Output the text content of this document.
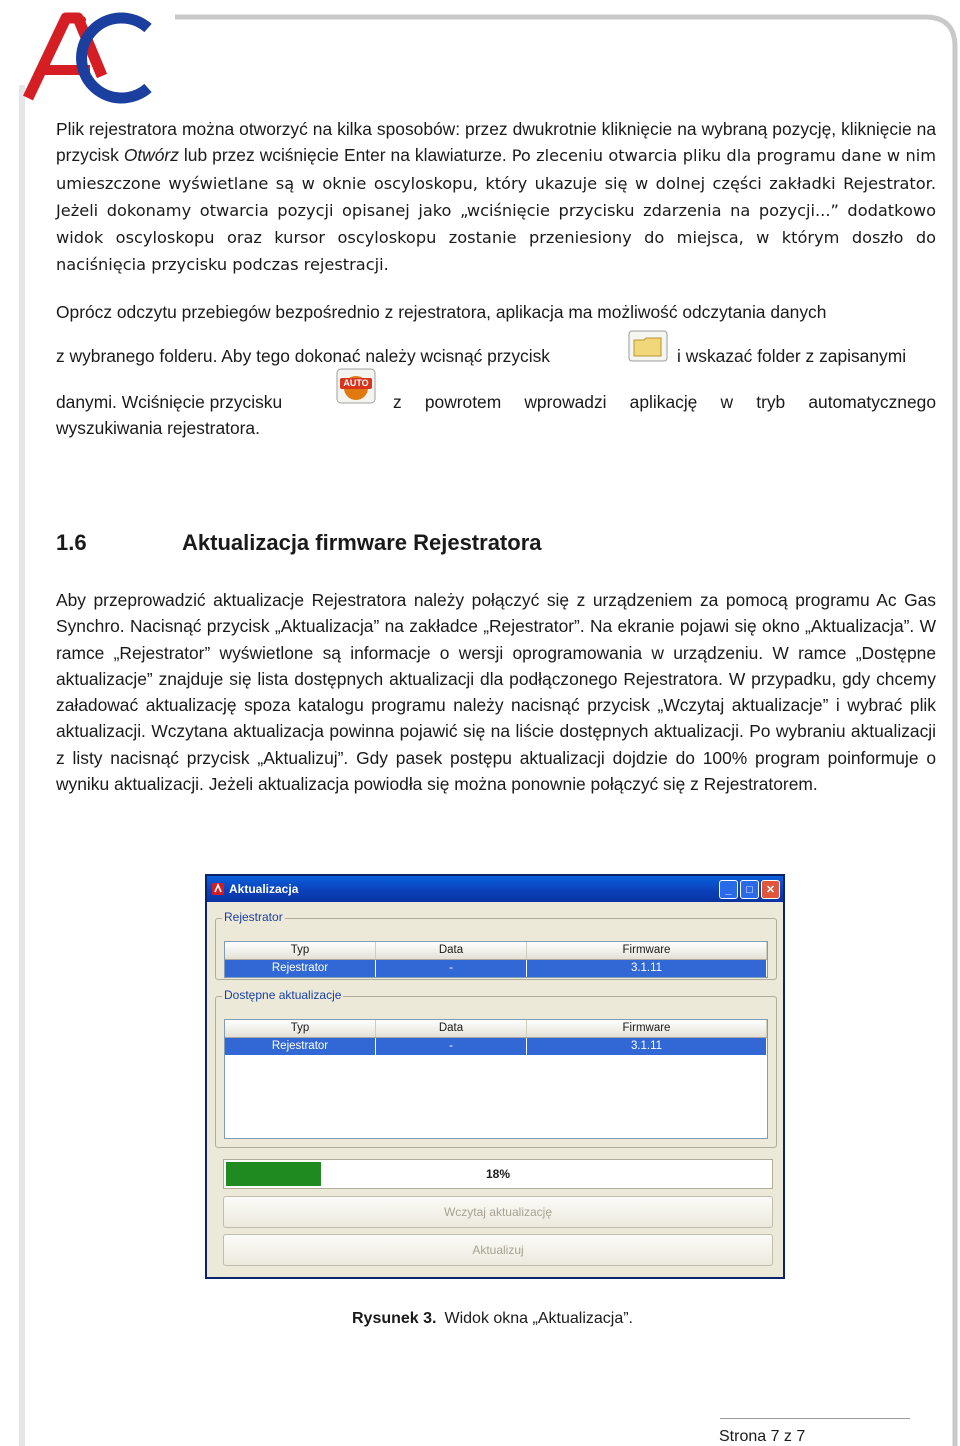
Plik rejestratora można otworzyć na kilka sposobów: przez dwukrotnie kliknięcie na wybraną pozycję, kliknięcie na przycisk Otwórz lub przez wciśnięcie Enter na klawiaturze. Po zleceniu otwarcia pliku dla programu dane w nim umieszczone wyświetlane są w oknie oscyloskopu, który ukazuje się w dolnej części zakładki Rejestrator. Jeżeli dokonamy otwarcia pozycji opisanej jako „wciśnięcie przycisku zdarzenia na pozycji...” dodatkowo widok oscyloskopu oraz kursor oscyloskopu zostanie przeniesiony do miejsca, w którym doszło do naciśnięcia przycisku podczas rejestracji.
Oprócz odczytu przebiegów bezpośrednio z rejestratora, aplikacja ma możliwość odczytania danych
z wybranego folderu. Aby tego dokonać należy wcisnąć przycisk	i wskazać folder z zapisanymi
danymi. Wciśnięcie przycisku
AUTO
z powrotem wprowadzi aplikację w tryb automatycznego
wyszukiwania rejestratora.
1.6	Aktualizacja firmware Rejestratora
Aby przeprowadzić aktualizacje Rejestratora należy połączyć się z urządzeniem za pomocą programu Ac Gas Synchro. Nacisnąć przycisk „Aktualizacja” na zakładce „Rejestrator”. Na ekranie pojawi się okno „Aktualizacja”. W ramce „Rejestrator” wyświetlone są informacje o wersji oprogramowania w urządzeniu. W ramce „Dostępne aktualizacje” znajduje się lista dostępnych aktualizacji dla podłączonego Rejestratora. W przypadku, gdy chcemy załadować aktualizację spoza katalogu programu należy nacisnąć przycisk „Wczytaj aktualizacje” i wybrać plik aktualizacji. Wczytana aktualizacja powinna pojawić się na liście dostępnych aktualizacji. Po wybraniu aktualizacji z listy nacisnąć przycisk „Aktualizuj”. Gdy pasek postępu aktualizacji dojdzie do 100% program poinformuje o wyniku aktualizacji. Jeżeli aktualizacja powiodła się można ponownie połączyć się z Rejestratorem.
Aktualizacja	_	□	✕
Rejestrator
Typ	Data	Firmware
Rejestrator	-	3.1.11
Dostępne aktualizacje
Typ	Data	Firmware
Rejestrator	-	3.1.11
18%
Wczytaj aktualizację
Aktualizuj
Rysunek 3. Widok okna „Aktualizacja”.
Strona 7 z 7
